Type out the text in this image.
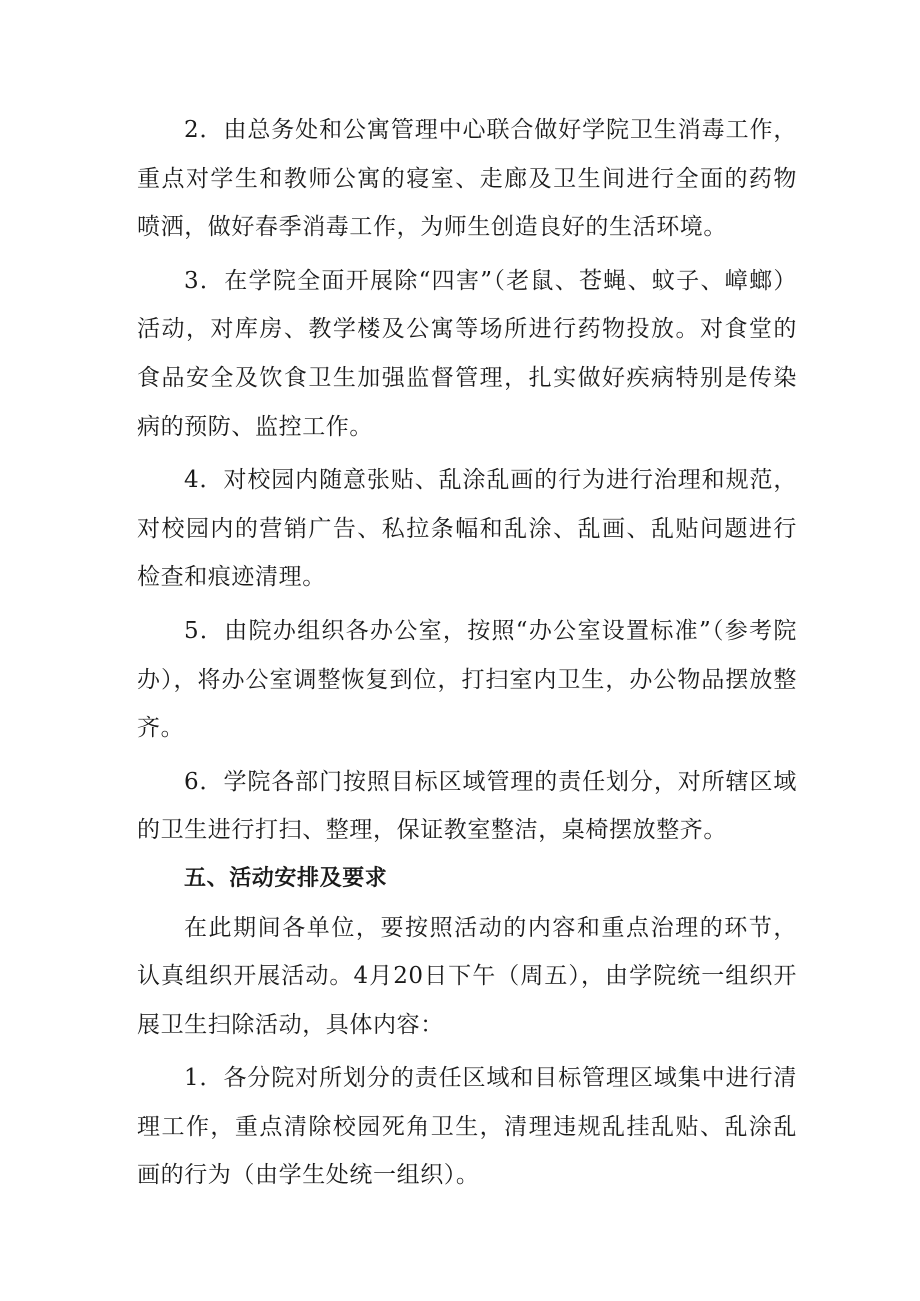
2．由总务处和公寓管理中心联合做好学院卫生消毒工作，重点对学生和教师公寓的寝室、走廊及卫生间进行全面的药物喷洒，做好春季消毒工作，为师生创造良好的生活环境。

3．在学院全面开展除“四害”（老鼠、苍蝇、蚊子、嶂螂）活动，对库房、教学楼及公寓等场所进行药物投放。对食堂的食品安全及饮食卫生加强监督管理，扎实做好疾病特别是传染病的预防、监控工作。

4．对校园内随意张贴、乱涂乱画的行为进行治理和规范，对校园内的营销广告、私拉条幅和乱涂、乱画、乱贴问题进行检查和痕迹清理。

5．由院办组织各办公室，按照“办公室设置标准”（参考院办），将办公室调整恢复到位，打扫室内卫生，办公物品摆放整齐。

6．学院各部门按照目标区域管理的责任划分，对所辖区域的卫生进行打扫、整理，保证教室整洁，桌椅摆放整齐。

五、活动安排及要求

在此期间各单位，要按照活动的内容和重点治理的环节，认真组织开展活动。4月20日下午（周五），由学院统一组织开展卫生扫除活动，具体内容：

1．各分院对所划分的责任区域和目标管理区域集中进行清理工作，重点清除校园死角卫生，清理违规乱挂乱贴、乱涂乱画的行为（由学生处统一组织）。
